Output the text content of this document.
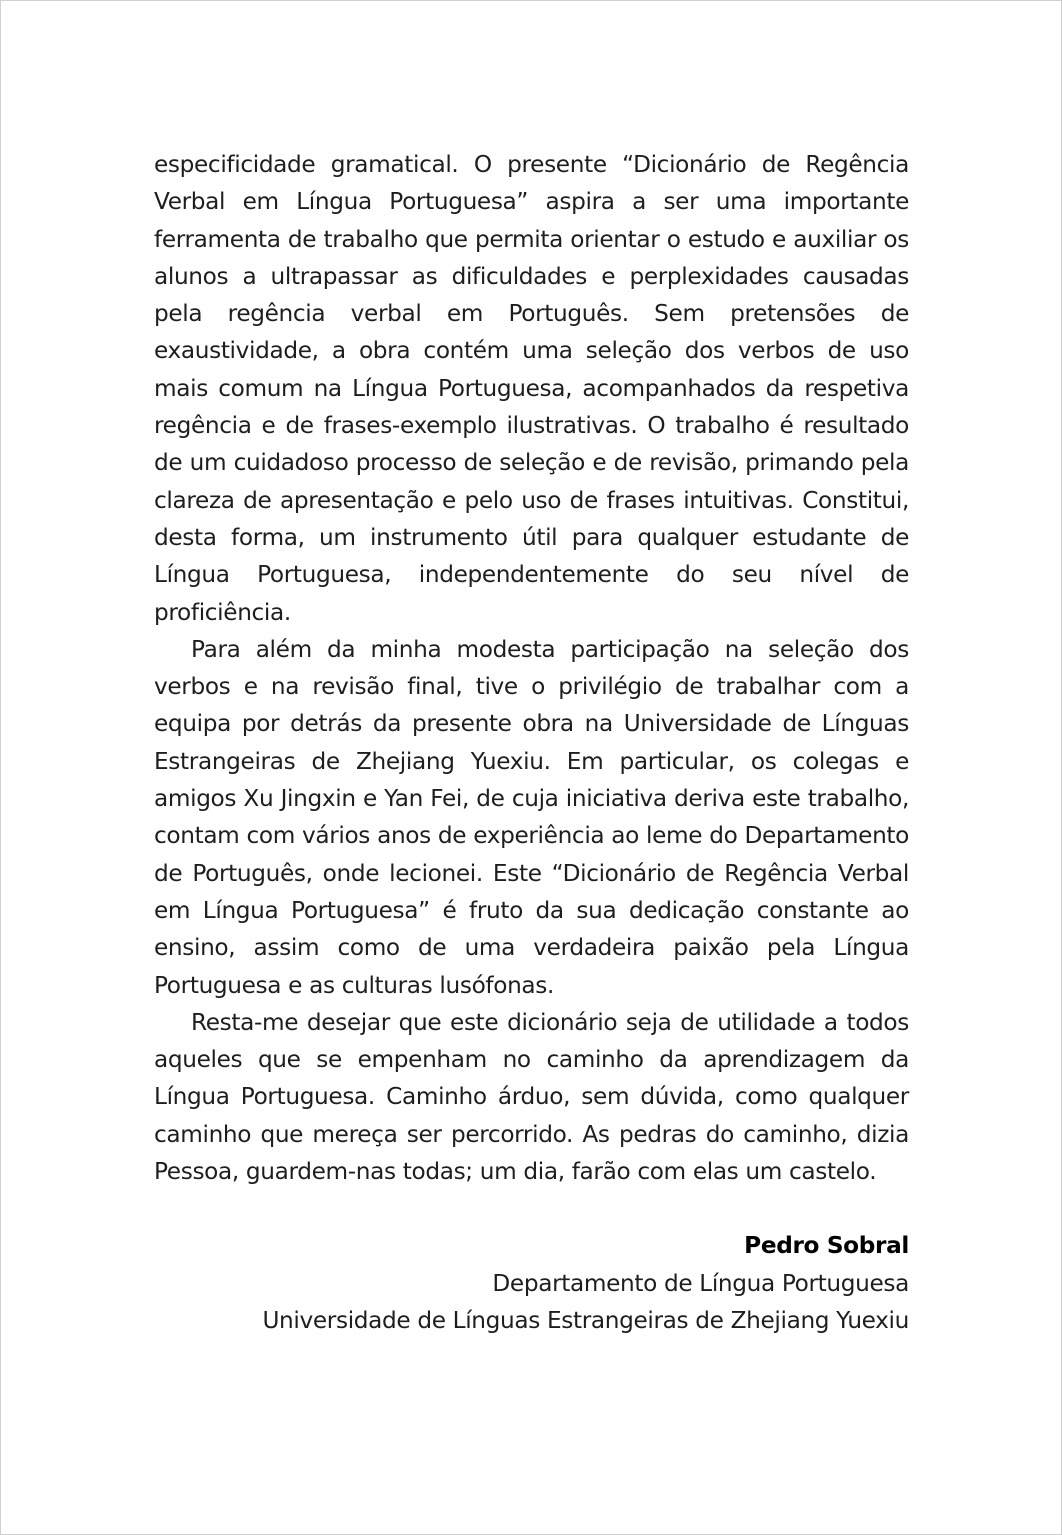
especificidade gramatical. O presente “Dicionário de Regência Verbal em Língua Portuguesa” aspira a ser uma importante ferramenta de trabalho que permita orientar o estudo e auxiliar os alunos a ultrapassar as dificuldades e perplexidades causadas pela regência verbal em Português. Sem pretensões de exaustividade, a obra contém uma seleção dos verbos de uso mais comum na Língua Portuguesa, acompanhados da respetiva regência e de frases-exemplo ilustrativas. O trabalho é resultado de um cuidadoso processo de seleção e de revisão, primando pela clareza de apresentação e pelo uso de frases intuitivas. Constitui, desta forma, um instrumento útil para qualquer estudante de Língua Portuguesa, independentemente do seu nível de proficiência.

Para além da minha modesta participação na seleção dos verbos e na revisão final, tive o privilégio de trabalhar com a equipa por detrás da presente obra na Universidade de Línguas Estrangeiras de Zhejiang Yuexiu. Em particular, os colegas e amigos Xu Jingxin e Yan Fei, de cuja iniciativa deriva este trabalho, contam com vários anos de experiência ao leme do Departamento de Português, onde lecionei. Este “Dicionário de Regência Verbal em Língua Portuguesa” é fruto da sua dedicação constante ao ensino, assim como de uma verdadeira paixão pela Língua Portuguesa e as culturas lusófonas.

Resta-me desejar que este dicionário seja de utilidade a todos aqueles que se empenham no caminho da aprendizagem da Língua Portuguesa. Caminho árduo, sem dúvida, como qualquer caminho que mereça ser percorrido. As pedras do caminho, dizia Pessoa, guardem-nas todas; um dia, farão com elas um castelo.

Pedro Sobral
Departamento de Língua Portuguesa
Universidade de Línguas Estrangeiras de Zhejiang Yuexiu
